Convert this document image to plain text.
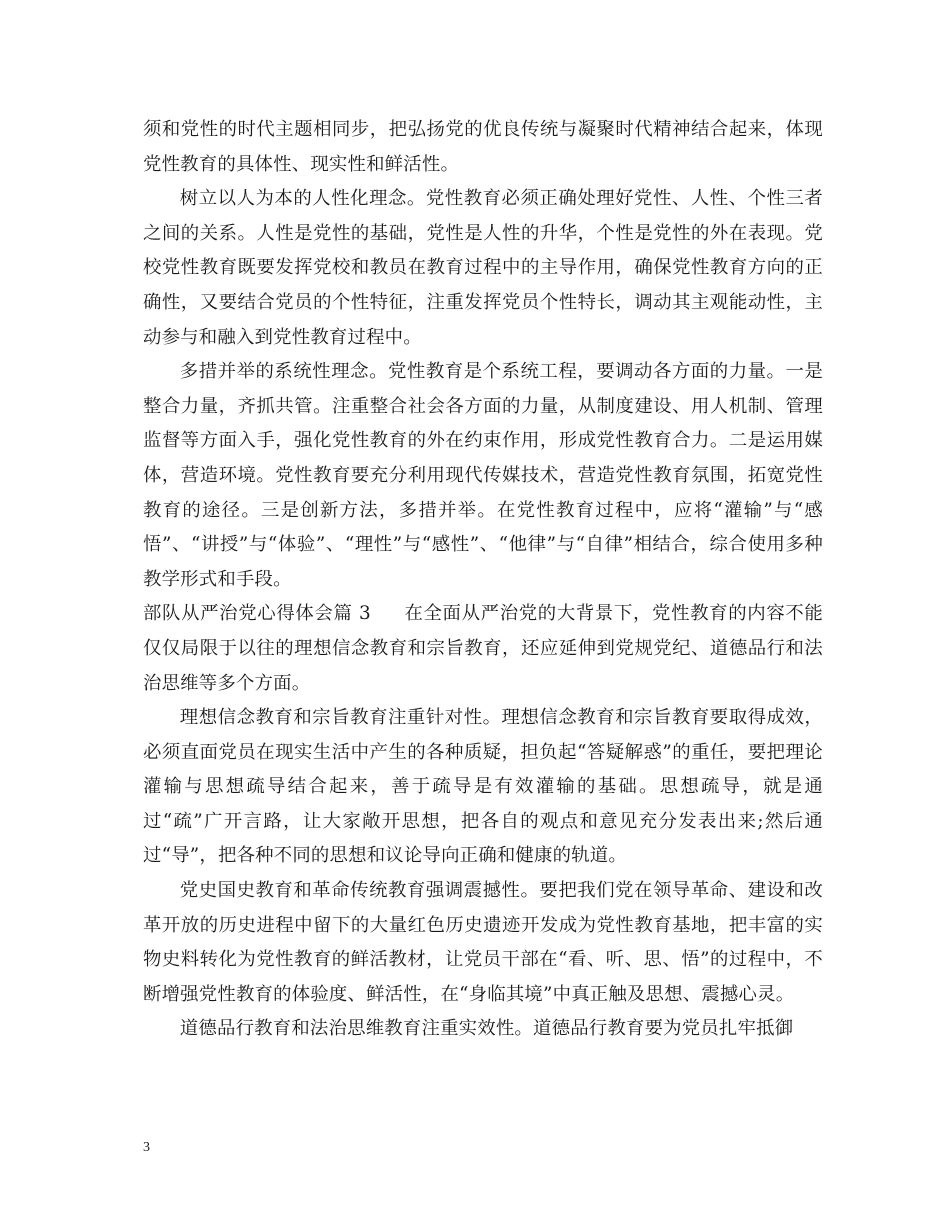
须和党性的时代主题相同步，把弘扬党的优良传统与凝聚时代精神结合起来，体现党性教育的具体性、现实性和鲜活性。

树立以人为本的人性化理念。党性教育必须正确处理好党性、人性、个性三者之间的关系。人性是党性的基础，党性是人性的升华，个性是党性的外在表现。党校党性教育既要发挥党校和教员在教育过程中的主导作用，确保党性教育方向的正确性，又要结合党员的个性特征，注重发挥党员个性特长，调动其主观能动性，主动参与和融入到党性教育过程中。

多措并举的系统性理念。党性教育是个系统工程，要调动各方面的力量。一是整合力量，齐抓共管。注重整合社会各方面的力量，从制度建设、用人机制、管理监督等方面入手，强化党性教育的外在约束作用，形成党性教育合力。二是运用媒体，营造环境。党性教育要充分利用现代传媒技术，营造党性教育氛围，拓宽党性教育的途径。三是创新方法，多措并举。在党性教育过程中，应将“灌输”与“感悟”、“讲授”与“体验”、“理性”与“感性”、“他律”与“自律”相结合，综合使用多种教学形式和手段。

部队从严治党心得体会篇 3 在全面从严治党的大背景下，党性教育的内容不能仅仅局限于以往的理想信念教育和宗旨教育，还应延伸到党规党纪、道德品行和法治思维等多个方面。

理想信念教育和宗旨教育注重针对性。理想信念教育和宗旨教育要取得成效，必须直面党员在现实生活中产生的各种质疑，担负起“答疑解惑”的重任，要把理论灌输与思想疏导结合起来，善于疏导是有效灌输的基础。思想疏导，就是通过“疏”广开言路，让大家敞开思想，把各自的观点和意见充分发表出来;然后通过“导”，把各种不同的思想和议论导向正确和健康的轨道。

党史国史教育和革命传统教育强调震撼性。要把我们党在领导革命、建设和改革开放的历史进程中留下的大量红色历史遗迹开发成为党性教育基地，把丰富的实物史料转化为党性教育的鲜活教材，让党员干部在“看、听、思、悟”的过程中，不断增强党性教育的体验度、鲜活性，在“身临其境”中真正触及思想、震撼心灵。

道德品行教育和法治思维教育注重实效性。道德品行教育要为党员扎牢抵御

3
